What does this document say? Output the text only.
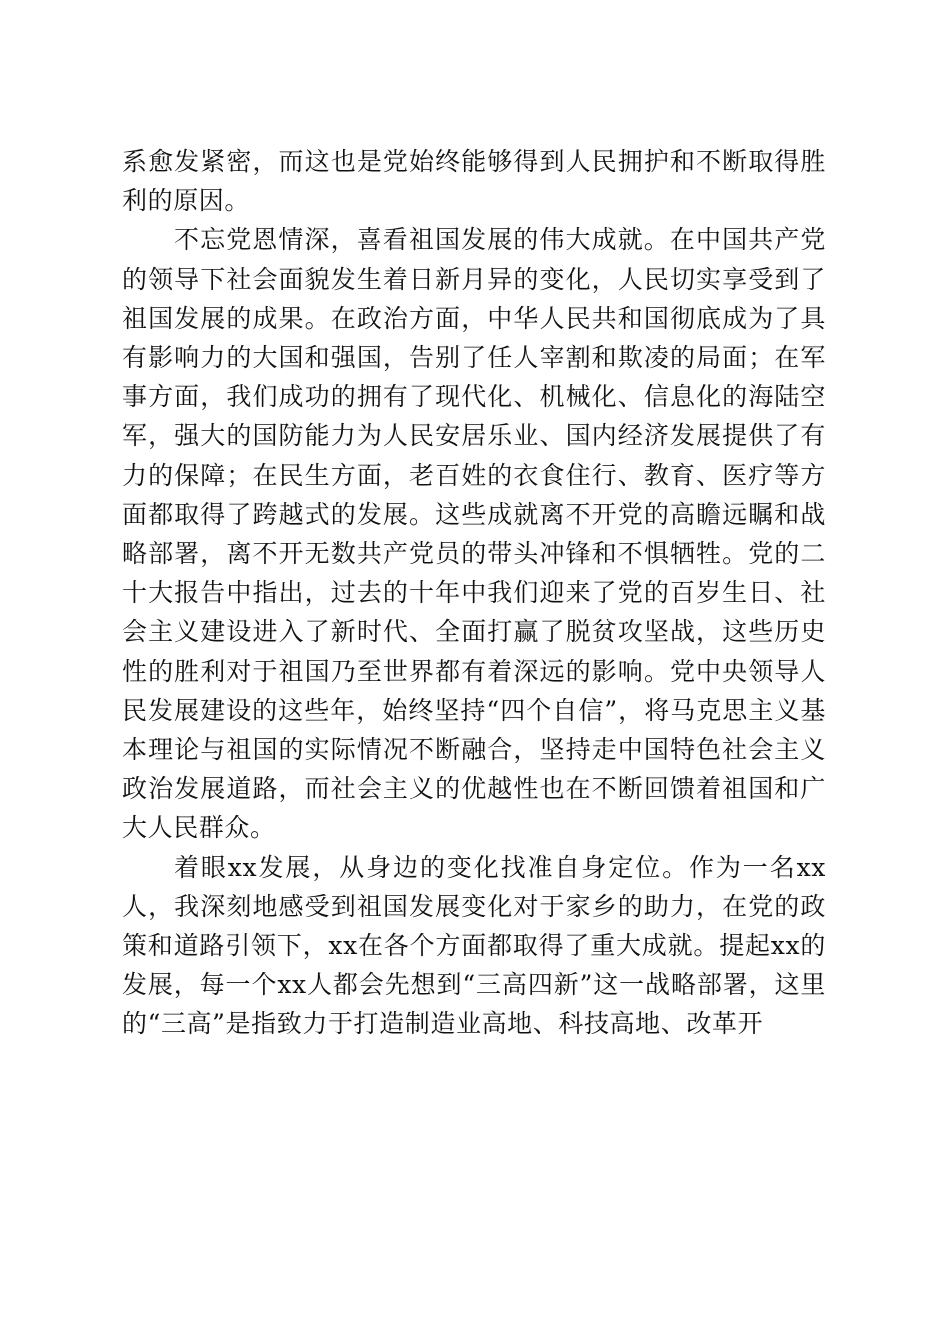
系愈发紧密，而这也是党始终能够得到人民拥护和不断取得胜利的原因。

不忘党恩情深，喜看祖国发展的伟大成就。在中国共产党的领导下社会面貌发生着日新月异的变化，人民切实享受到了祖国发展的成果。在政治方面，中华人民共和国彻底成为了具有影响力的大国和强国，告别了任人宰割和欺凌的局面；在军事方面，我们成功的拥有了现代化、机械化、信息化的海陆空军，强大的国防能力为人民安居乐业、国内经济发展提供了有力的保障；在民生方面，老百姓的衣食住行、教育、医疗等方面都取得了跨越式的发展。这些成就离不开党的高瞻远瞩和战略部署，离不开无数共产党员的带头冲锋和不惧牺牲。党的二十大报告中指出，过去的十年中我们迎来了党的百岁生日、社会主义建设进入了新时代、全面打赢了脱贫攻坚战，这些历史性的胜利对于祖国乃至世界都有着深远的影响。党中央领导人民发展建设的这些年，始终坚持“四个自信”，将马克思主义基本理论与祖国的实际情况不断融合，坚持走中国特色社会主义政治发展道路，而社会主义的优越性也在不断回馈着祖国和广大人民群众。

着眼xx发展，从身边的变化找准自身定位。作为一名xx人，我深刻地感受到祖国发展变化对于家乡的助力，在党的政策和道路引领下，xx在各个方面都取得了重大成就。提起xx的发展，每一个xx人都会先想到“三高四新”这一战略部署，这里的“三高”是指致力于打造制造业高地、科技高地、改革开
